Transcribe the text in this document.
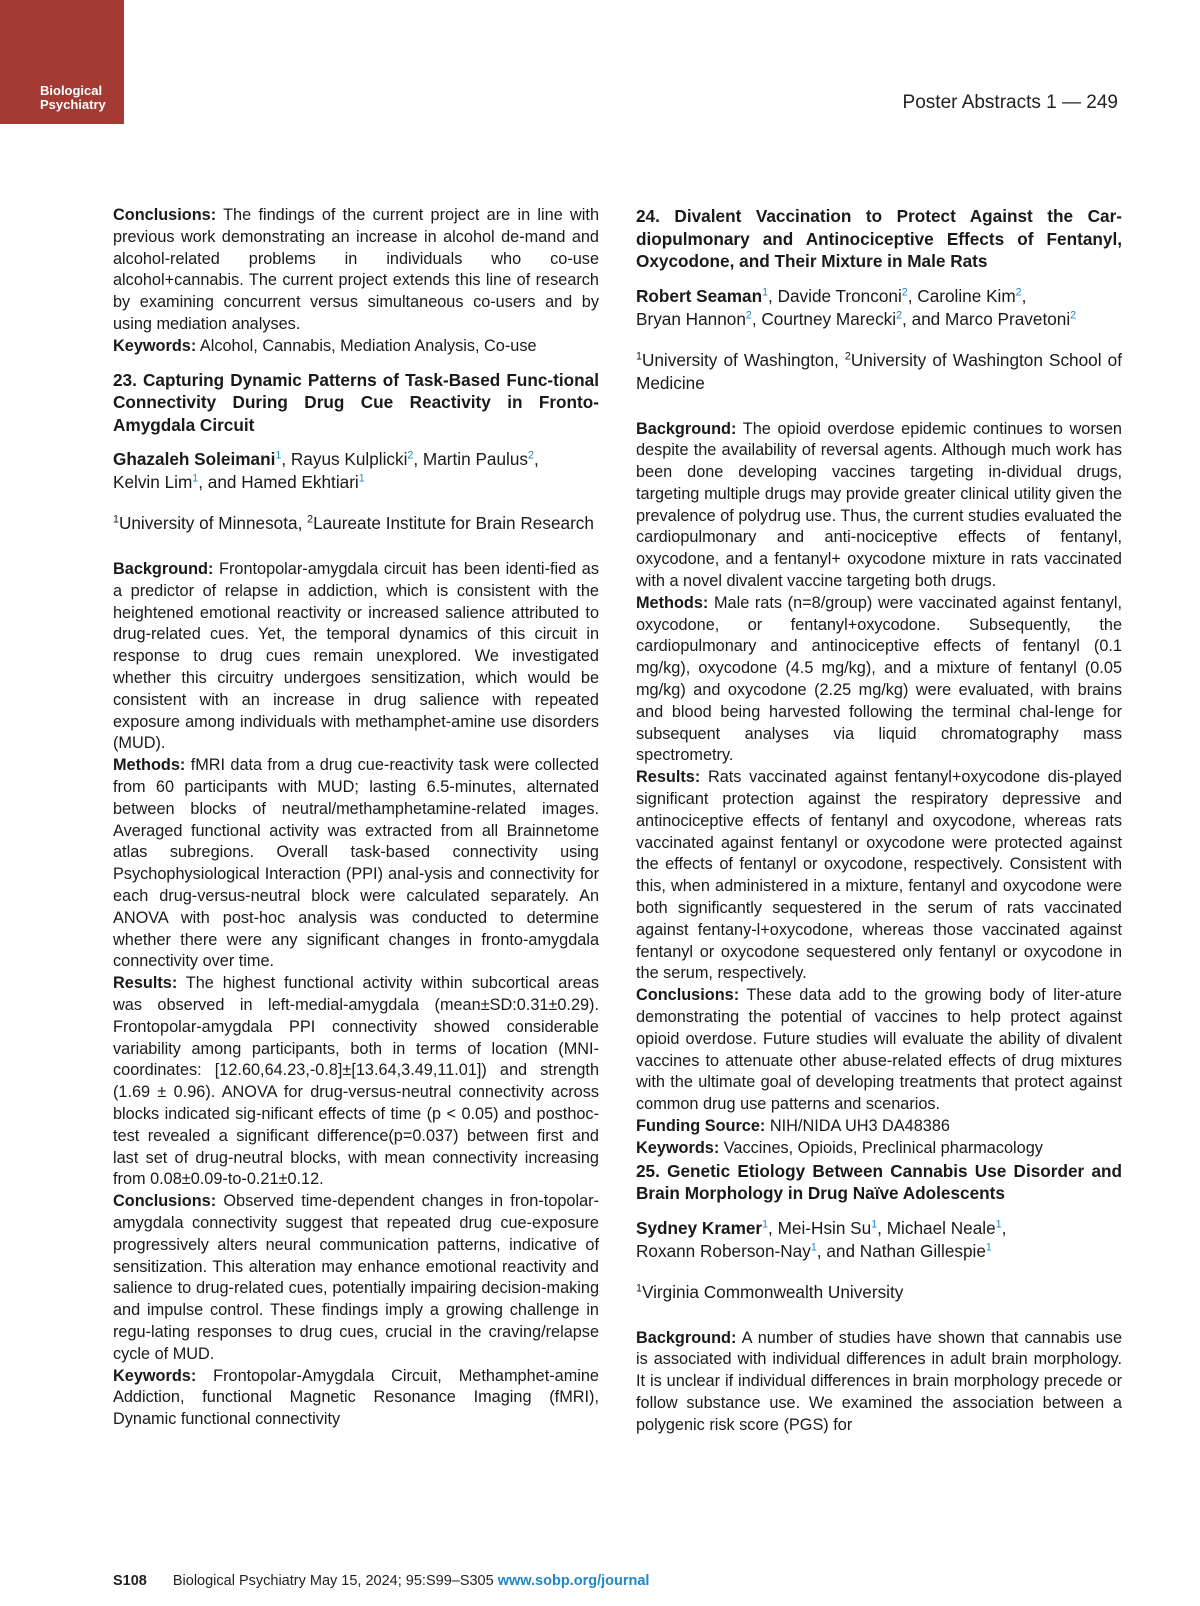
Biological
Psychiatry	Poster Abstracts 1 — 249

Conclusions: The findings of the current project are in line with previous work demonstrating an increase in alcohol de-mand and alcohol-related problems in individuals who co-use alcohol+cannabis. The current project extends this line of research by examining concurrent versus simultaneous co-users and by using mediation analyses.

Keywords: Alcohol, Cannabis, Mediation Analysis, Co-use

23. Capturing Dynamic Patterns of Task-Based Func-tional Connectivity During Drug Cue Reactivity in Fronto-Amygdala Circuit
Ghazaleh Soleimani$^1$, Rayus Kulplicki$^2$, Martin Paulus$^2$,
Kelvin Lim$^1$, and Hamed Ekhtiari$^1$
$^1$University of Minnesota, $^2$Laureate Institute for Brain Research

Background: Frontopolar-amygdala circuit has been identi-fied as a predictor of relapse in addiction, which is consistent with the heightened emotional reactivity or increased salience attributed to drug-related cues. Yet, the temporal dynamics of this circuit in response to drug cues remain unexplored. We investigated whether this circuitry undergoes sensitization, which would be consistent with an increase in drug salience with repeated exposure among individuals with methamphet-amine use disorders (MUD).

Methods: fMRI data from a drug cue-reactivity task were collected from 60 participants with MUD; lasting 6.5-minutes, alternated between blocks of neutral/methamphetamine-related images. Averaged functional activity was extracted from all Brainnetome atlas subregions. Overall task-based connectivity using Psychophysiological Interaction (PPI) anal-ysis and connectivity for each drug-versus-neutral block were calculated separately. An ANOVA with post-hoc analysis was conducted to determine whether there were any significant changes in fronto-amygdala connectivity over time.

Results: The highest functional activity within subcortical areas was observed in left-medial-amygdala (mean±SD:0.31±0.29). Frontopolar-amygdala PPI connectivity showed considerable variability among participants, both in terms of location (MNI-coordinates: [12.60,64.23,-0.8]±[13.64,3.49,11.01]) and strength (1.69 ± 0.96). ANOVA for drug-versus-neutral connectivity across blocks indicated sig-nificant effects of time (p < 0.05) and posthoc-test revealed a significant difference(p=0.037) between first and last set of drug-neutral blocks, with mean connectivity increasing from 0.08±0.09-to-0.21±0.12.

Conclusions: Observed time-dependent changes in fron-topolar-amygdala connectivity suggest that repeated drug cue-exposure progressively alters neural communication patterns, indicative of sensitization. This alteration may enhance emotional reactivity and salience to drug-related cues, potentially impairing decision-making and impulse control. These findings imply a growing challenge in regu-lating responses to drug cues, crucial in the craving/relapse cycle of MUD.

Keywords: Frontopolar-Amygdala Circuit, Methamphet-amine Addiction, functional Magnetic Resonance Imaging (fMRI), Dynamic functional connectivity

24. Divalent Vaccination to Protect Against the Car-diopulmonary and Antinociceptive Effects of Fentanyl, Oxycodone, and Their Mixture in Male Rats
Robert Seaman$^1$, Davide Tronconi$^2$, Caroline Kim$^2$,
Bryan Hannon$^2$, Courtney Marecki$^2$, and Marco Pravetoni$^2$
$^1$University of Washington, $^2$University of Washington School of Medicine

Background: The opioid overdose epidemic continues to worsen despite the availability of reversal agents. Although much work has been done developing vaccines targeting in-dividual drugs, targeting multiple drugs may provide greater clinical utility given the prevalence of polydrug use. Thus, the current studies evaluated the cardiopulmonary and anti-nociceptive effects of fentanyl, oxycodone, and a fentanyl+ oxycodone mixture in rats vaccinated with a novel divalent vaccine targeting both drugs.

Methods: Male rats (n=8/group) were vaccinated against fentanyl, oxycodone, or fentanyl+oxycodone. Subsequently, the cardiopulmonary and antinociceptive effects of fentanyl (0.1 mg/kg), oxycodone (4.5 mg/kg), and a mixture of fentanyl (0.05 mg/kg) and oxycodone (2.25 mg/kg) were evaluated, with brains and blood being harvested following the terminal chal-lenge for subsequent analyses via liquid chromatography mass spectrometry.

Results: Rats vaccinated against fentanyl+oxycodone dis-played significant protection against the respiratory depressive and antinociceptive effects of fentanyl and oxycodone, whereas rats vaccinated against fentanyl or oxycodone were protected against the effects of fentanyl or oxycodone, respectively. Consistent with this, when administered in a mixture, fentanyl and oxycodone were both significantly sequestered in the serum of rats vaccinated against fentany-l+oxycodone, whereas those vaccinated against fentanyl or oxycodone sequestered only fentanyl or oxycodone in the serum, respectively.

Conclusions: These data add to the growing body of liter-ature demonstrating the potential of vaccines to help protect against opioid overdose. Future studies will evaluate the ability of divalent vaccines to attenuate other abuse-related effects of drug mixtures with the ultimate goal of developing treatments that protect against common drug use patterns and scenarios.

Funding Source: NIH/NIDA UH3 DA48386

Keywords: Vaccines, Opioids, Preclinical pharmacology

25. Genetic Etiology Between Cannabis Use Disorder and Brain Morphology in Drug Naïve Adolescents
Sydney Kramer$^1$, Mei-Hsin Su$^1$, Michael Neale$^1$,
Roxann Roberson-Nay$^1$, and Nathan Gillespie$^1$
$^1$Virginia Commonwealth University

Background: A number of studies have shown that cannabis use is associated with individual differences in adult brain morphology. It is unclear if individual differences in brain morphology precede or follow substance use. We examined the association between a polygenic risk score (PGS) for

S108 Biological Psychiatry May 15, 2024; 95:S99–S305 www.sobp.org/journal
